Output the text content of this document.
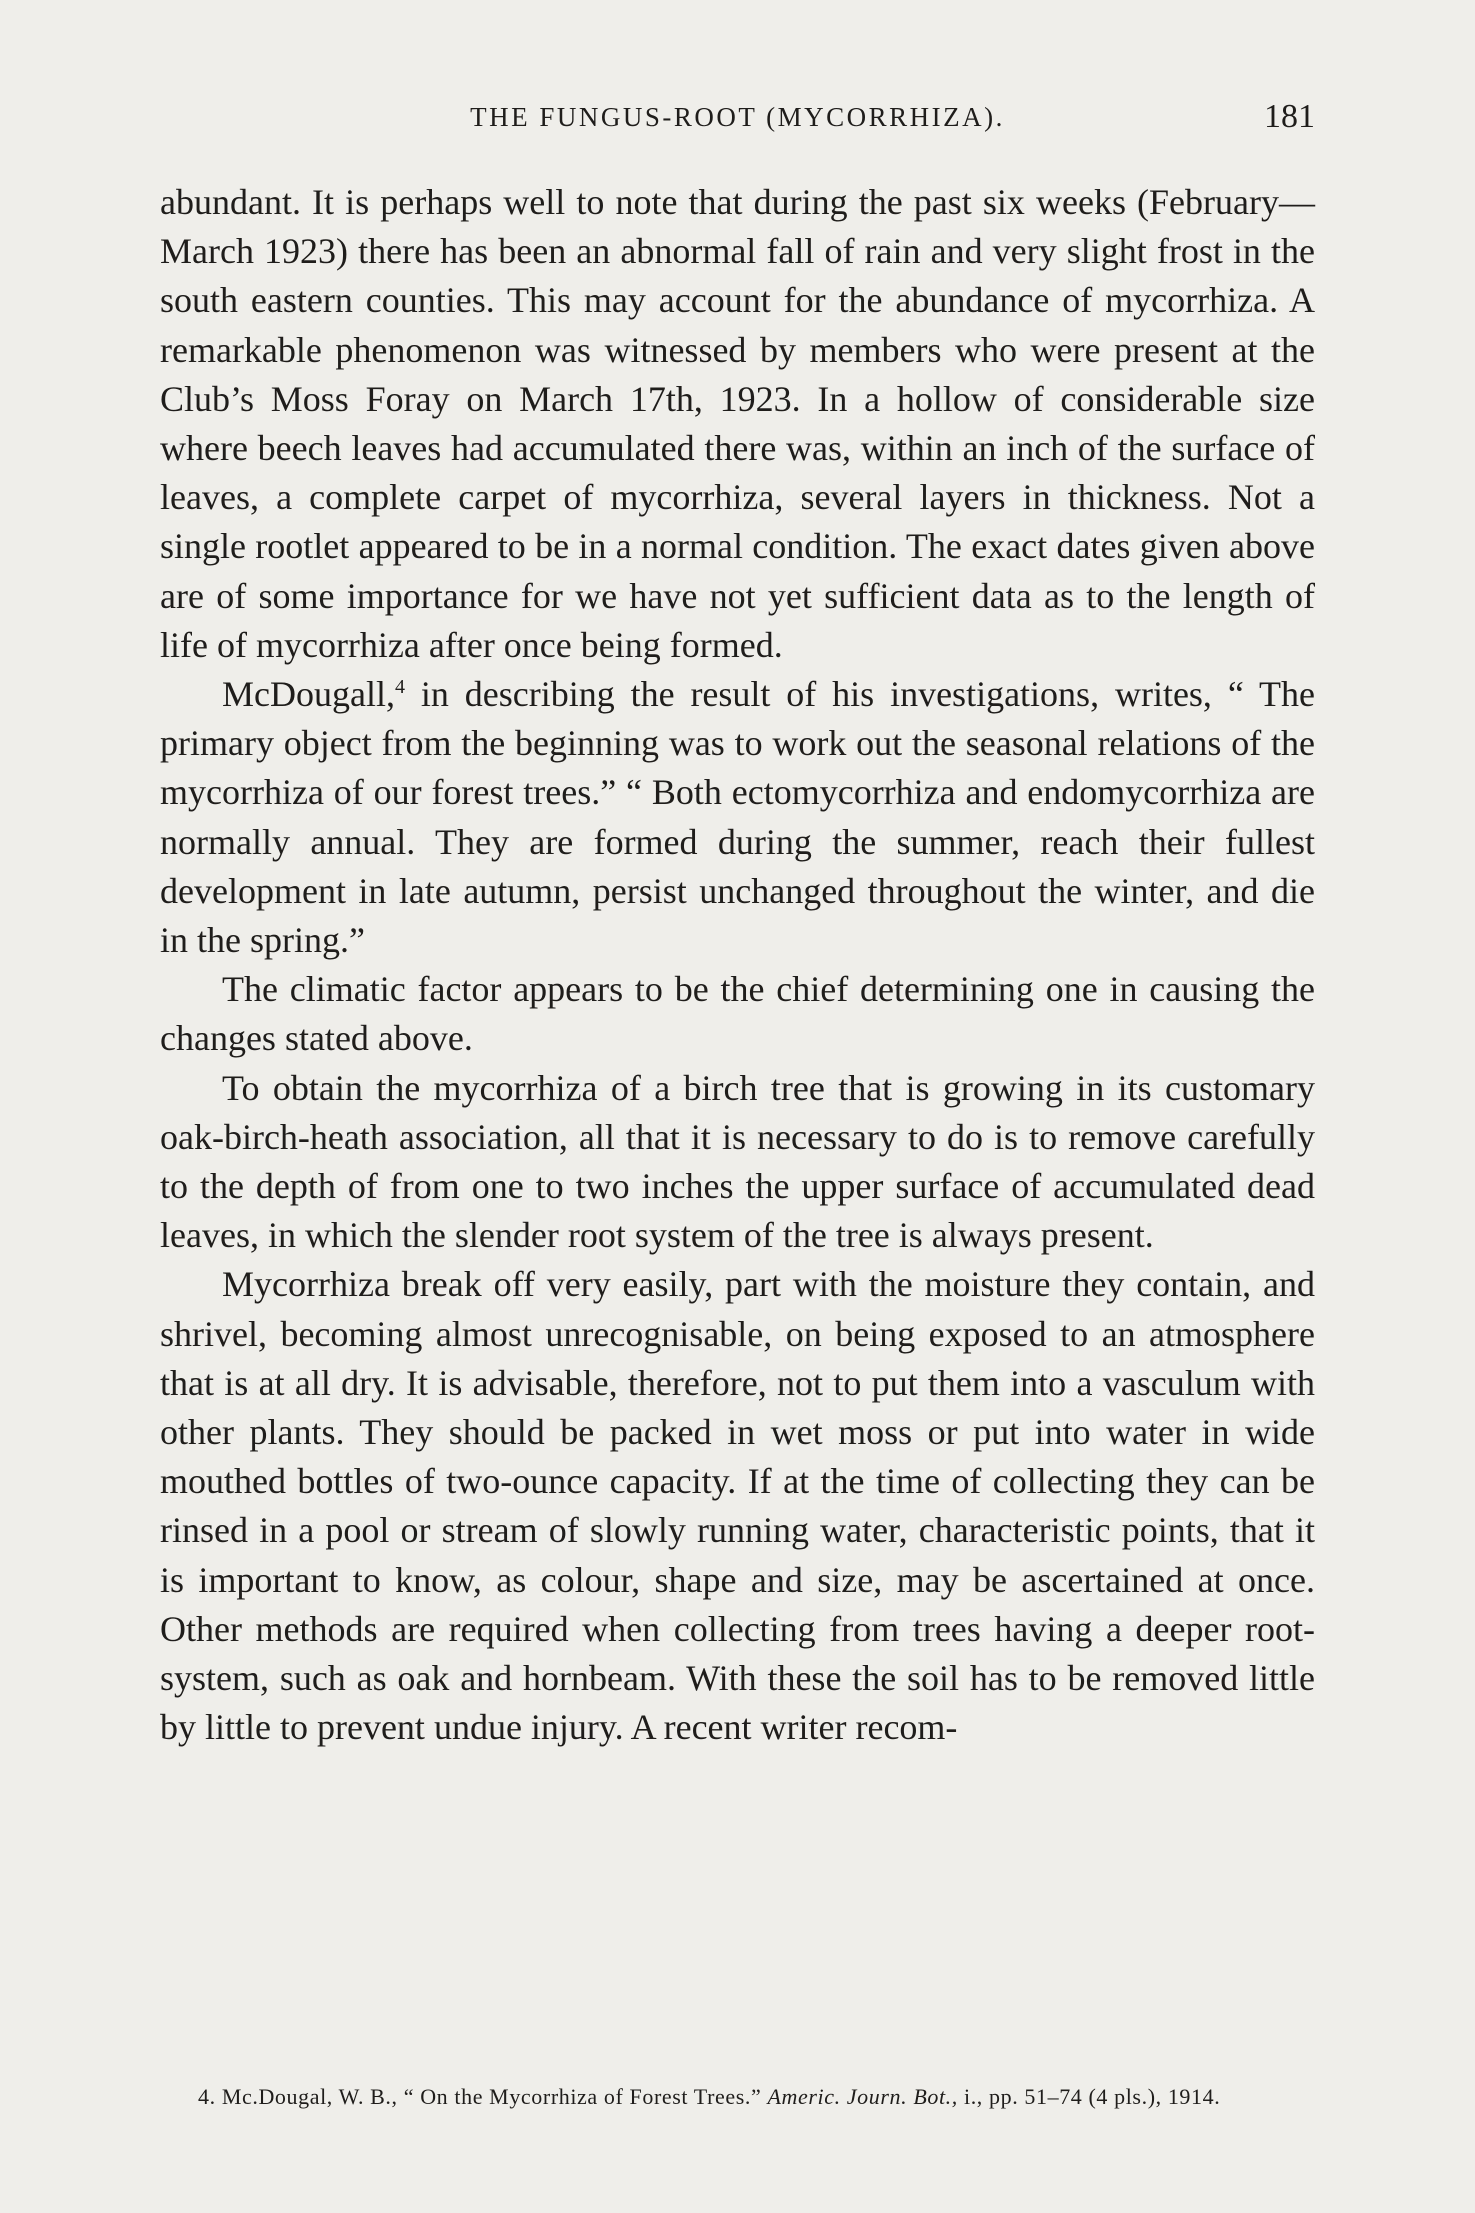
THE FUNGUS-ROOT (MYCORRHIZA).	181

abundant. It is perhaps well to note that during the past six weeks (February—March 1923) there has been an abnormal fall of rain and very slight frost in the south eastern counties. This may account for the abundance of mycorrhiza. A remarkable phenomenon was witnessed by members who were present at the Club’s Moss Foray on March 17th, 1923. In a hollow of considerable size where beech leaves had accumulated there was, within an inch of the surface of leaves, a complete carpet of mycorrhiza, several layers in thickness. Not a single rootlet appeared to be in a normal condition. The exact dates given above are of some importance for we have not yet sufficient data as to the length of life of mycorrhiza after once being formed.

McDougall,$^4$ in describing the result of his investigations, writes, “ The primary object from the beginning was to work out the seasonal relations of the mycorrhiza of our forest trees.” “ Both ectomycorrhiza and endomycorrhiza are normally annual. They are formed during the summer, reach their fullest development in late autumn, persist unchanged throughout the winter, and die in the spring.”

The climatic factor appears to be the chief determining one in causing the changes stated above.

To obtain the mycorrhiza of a birch tree that is growing in its customary oak-birch-heath association, all that it is necessary to do is to remove carefully to the depth of from one to two inches the upper surface of accumulated dead leaves, in which the slender root system of the tree is always present.

Mycorrhiza break off very easily, part with the moisture they contain, and shrivel, becoming almost unrecognisable, on being exposed to an atmosphere that is at all dry. It is advisable, therefore, not to put them into a vasculum with other plants. They should be packed in wet moss or put into water in wide mouthed bottles of two-ounce capacity. If at the time of collecting they can be rinsed in a pool or stream of slowly running water, characteristic points, that it is important to know, as colour, shape and size, may be ascertained at once. Other methods are required when collecting from trees having a deeper root-system, such as oak and hornbeam. With these the soil has to be removed little by little to prevent undue injury. A recent writer recom-

4. Mc.Dougal, W. B., “ On the Mycorrhiza of Forest Trees.” Americ. Journ. Bot., i., pp. 51–74 (4 pls.), 1914.
